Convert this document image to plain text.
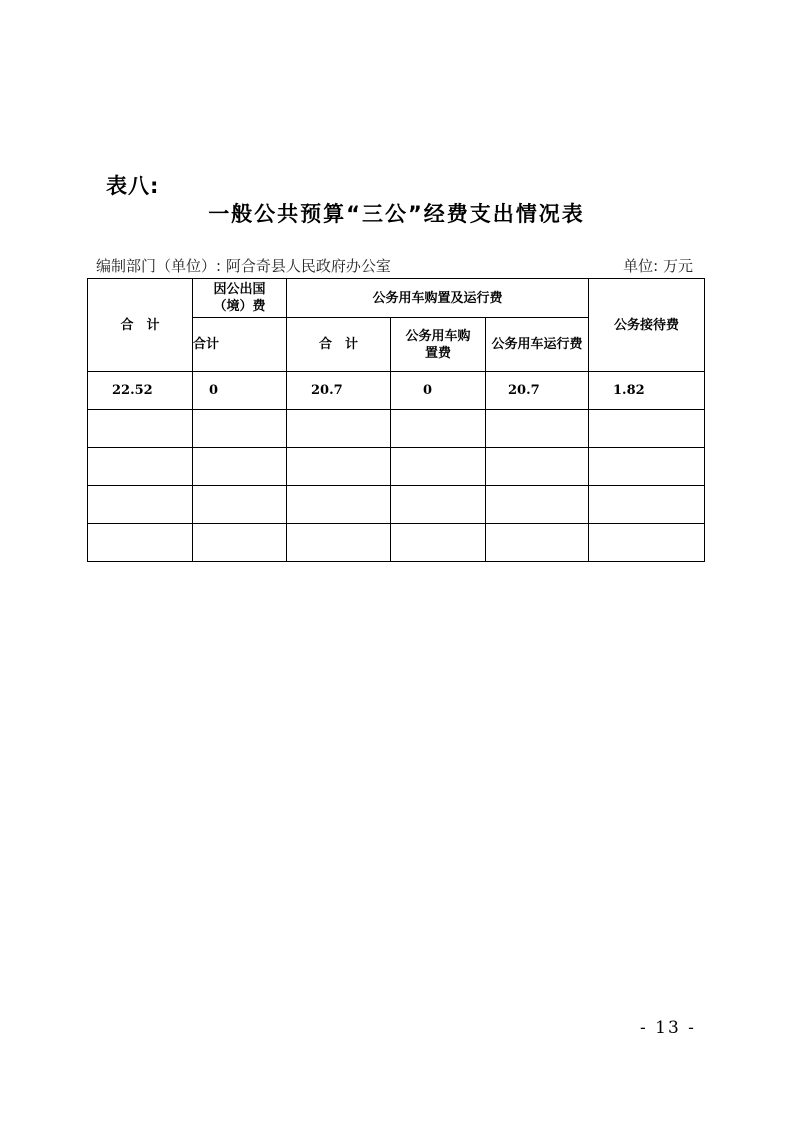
表八:
一般公共预算“三公”经费支出情况表
编制部门（单位）: 阿合奇县人民政府办公室	单位: 万元
合　计	因公出国（境）费	公务用车购置及运行费			公务接待费
	合计	合　计	公务用车购置费	公务用车运行费	
22.52	0	20.7	0	20.7	1.82

- 13 -
